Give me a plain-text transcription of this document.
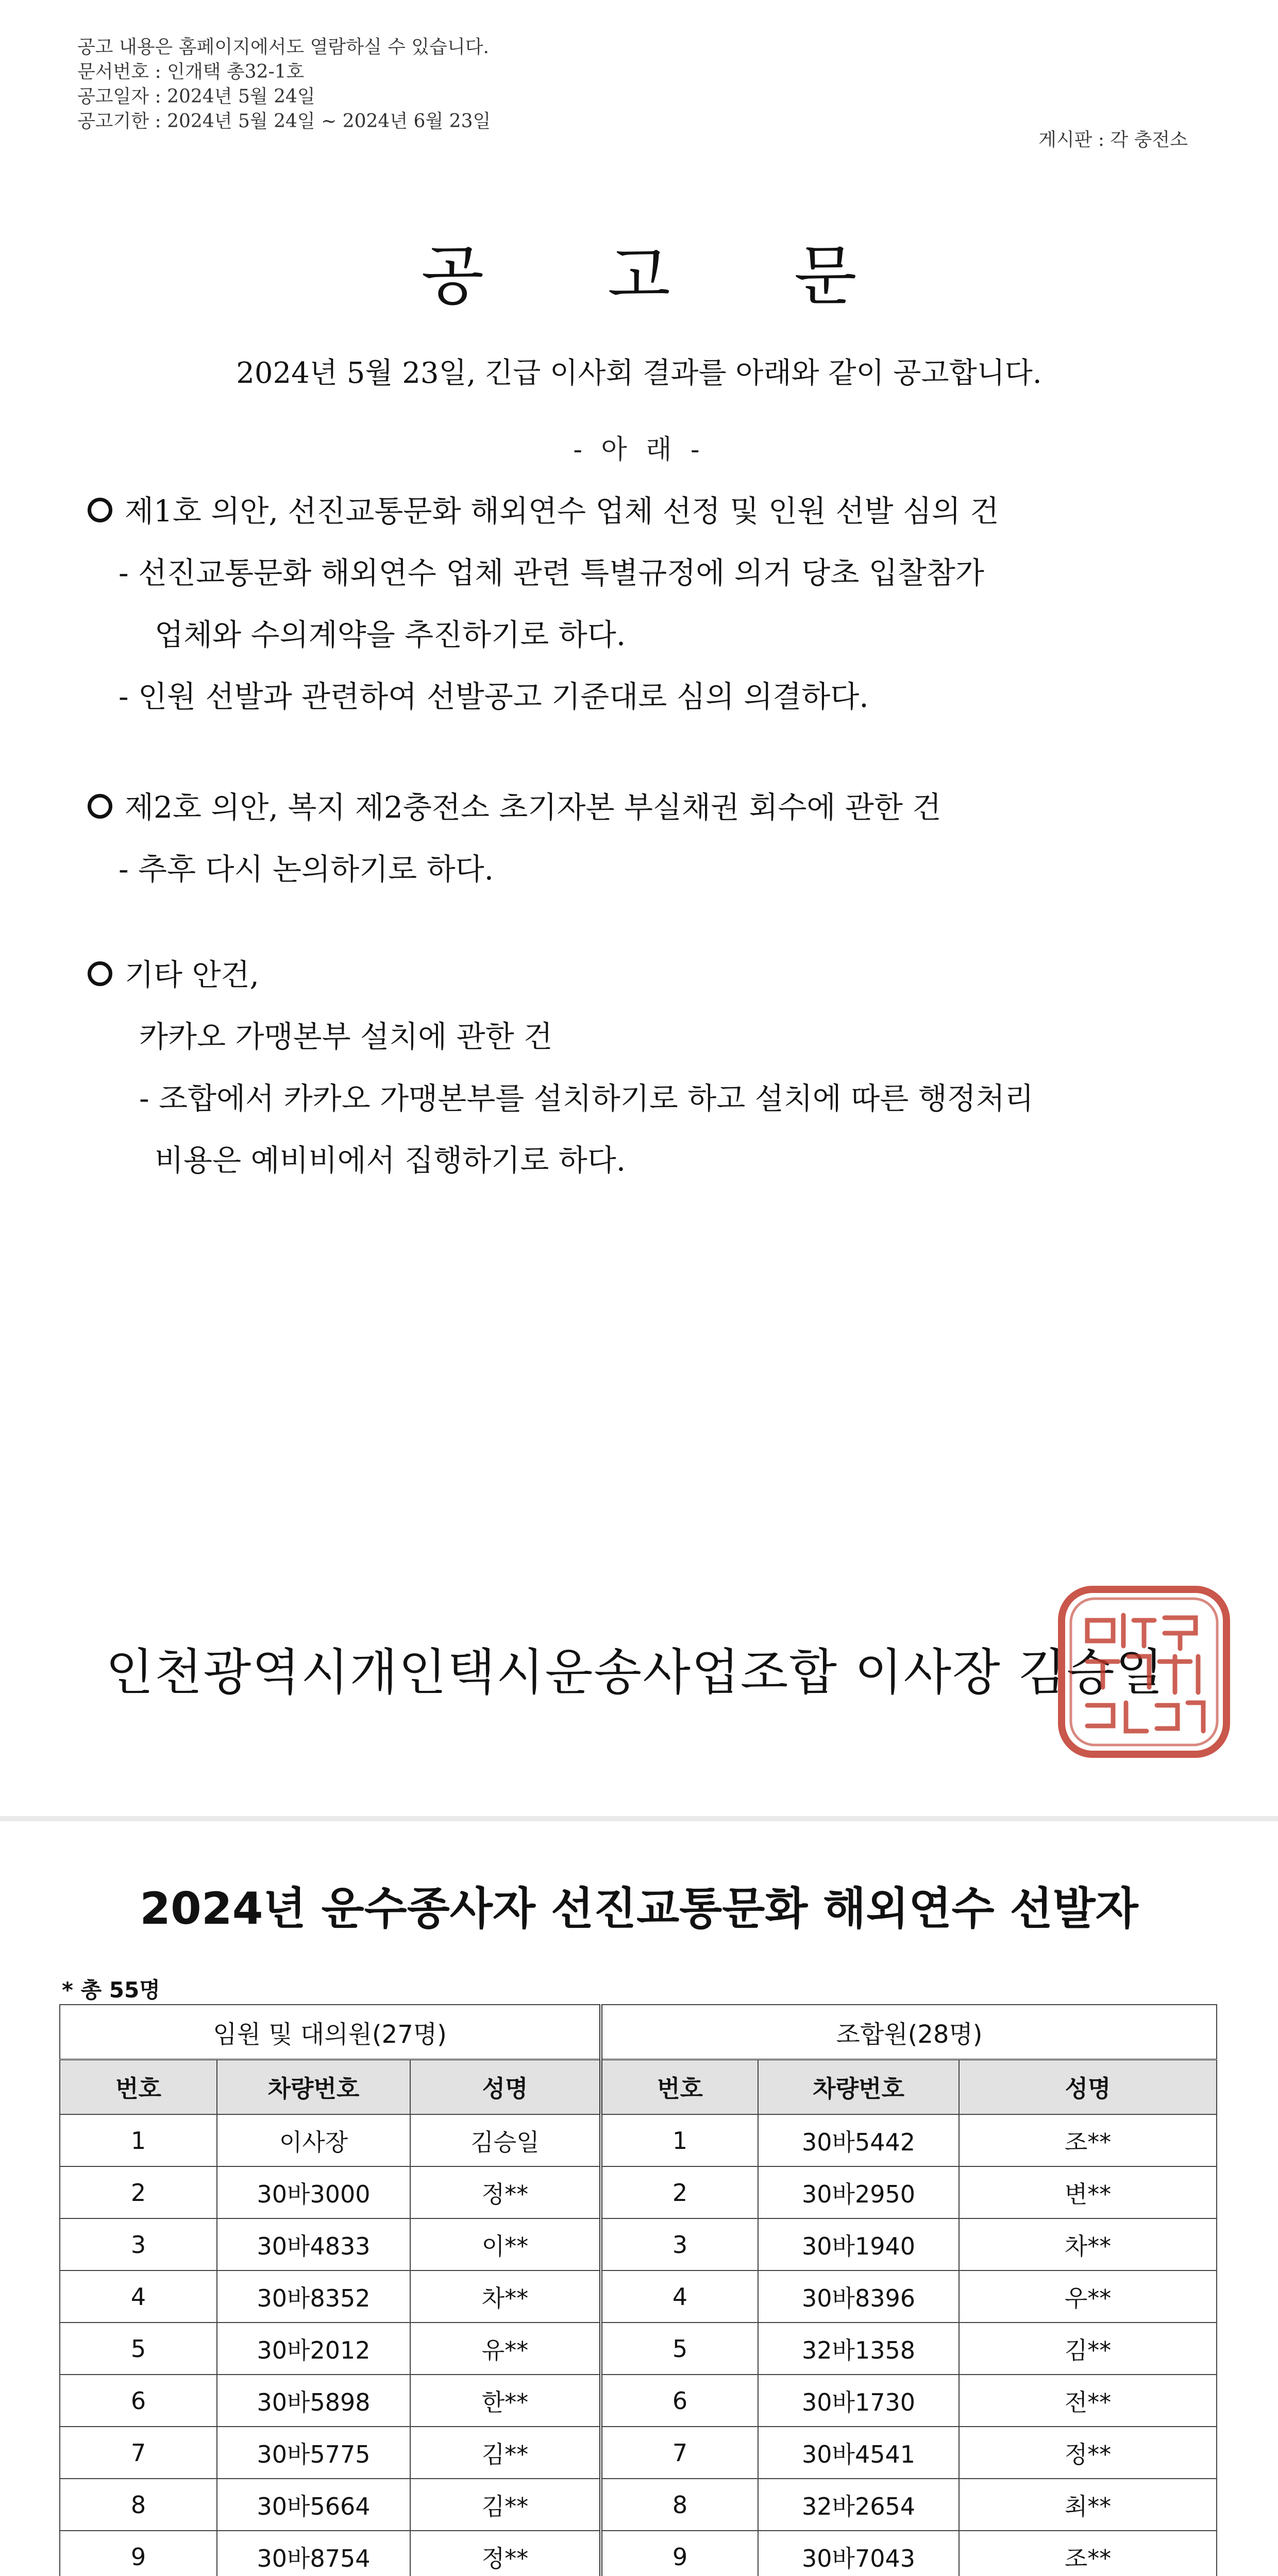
공고 내용은 홈페이지에서도 열람하실 수 있습니다.
문서번호 : 인개택 총32-1호
공고일자 : 2024년 5월 24일
공고기한 : 2024년 5월 24일 ~ 2024년 6월 23일
게시판 : 각 충전소
공 고 문
2024년 5월 23일, 긴급 이사회 결과를 아래와 같이 공고합니다.
- 아 래 -
제1호 의안, 선진교통문화 해외연수 업체 선정 및 인원 선발 심의 건
- 선진교통문화 해외연수 업체 관련 특별규정에 의거 당초 입찰참가
업체와 수의계약을 추진하기로 하다.
- 인원 선발과 관련하여 선발공고 기준대로 심의 의결하다.
제2호 의안, 복지 제2충전소 초기자본 부실채권 회수에 관한 건
- 추후 다시 논의하기로 하다.
기타 안건,
카카오 가맹본부 설치에 관한 건
- 조합에서 카카오 가맹본부를 설치하기로 하고 설치에 따른 행정처리
비용은 예비비에서 집행하기로 하다.
인천광역시개인택시운송사업조합 이사장 김승일
2024년 운수종사자 선진교통문화 해외연수 선발자
* 총 55명
임원 및 대의원(27명)			조합원(28명)		
번호	차량번호	성명	번호	차량번호	성명
1	이사장	김승일	1	30바5442	조**
2	30바3000	정**	2	30바2950	변**
3	30바4833	이**	3	30바1940	차**
4	30바8352	차**	4	30바8396	우**
5	30바2012	유**	5	32바1358	김**
6	30바5898	한**	6	30바1730	전**
7	30바5775	김**	7	30바4541	정**
8	30바5664	김**	8	32바2654	최**
9	30바8754	정**	9	30바7043	조**
